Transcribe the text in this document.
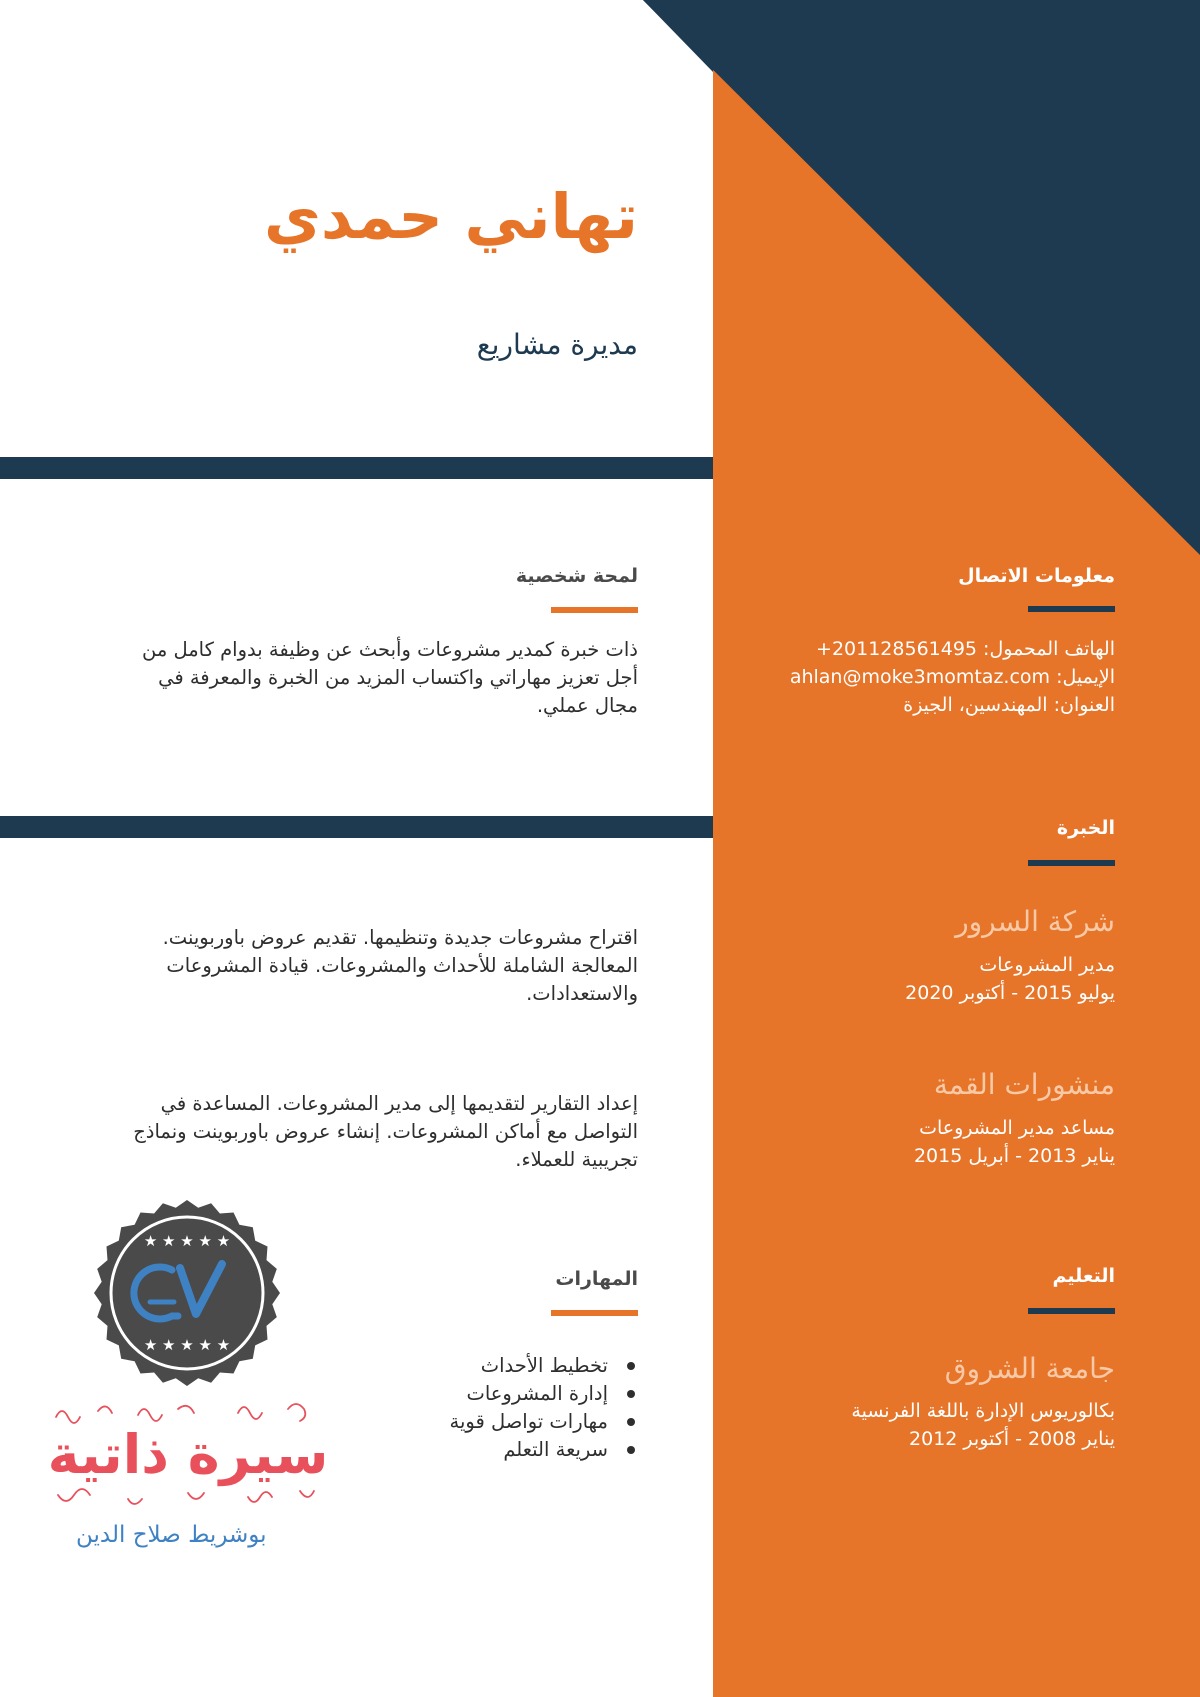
تهاني حمدي
مديرة مشاريع
لمحة شخصية

ذات خبرة كمدير مشروعات وأبحث عن وظيفة بدوام كامل من أجل تعزيز مهاراتي واكتساب المزيد من الخبرة والمعرفة في مجال عملي.

اقتراح مشروعات جديدة وتنظيمها. تقديم عروض باوربوينت. المعالجة الشاملة للأحداث والمشروعات. قيادة المشروعات والاستعدادات.

إعداد التقارير لتقديمها إلى مدير المشروعات. المساعدة في التواصل مع أماكن المشروعات. إنشاء عروض باوربوينت ونماذج تجريبية للعملاء.

المهارات
تخطيط الأحداث
إدارة المشروعات
مهارات تواصل قوية
سريعة التعلم
معلومات الاتصال
الهاتف المحمول: 201128561495+
الإيميل: ahlan@moke3momtaz.com
العنوان: المهندسين، الجيزة
الخبرة
شركة السرور
مدير المشروعات
يوليو 2015 - أكتوبر 2020
منشورات القمة
مساعد مدير المشروعات
يناير 2013 - أبريل 2015
التعليم
جامعة الشروق
بكالوريوس الإدارة باللغة الفرنسية
يناير 2008 - أكتوبر 2012
★ ★ ★ ★ ★
★ ★ ★ ★ ★
سيرة ذاتية
بوشريط صلاح الدين
